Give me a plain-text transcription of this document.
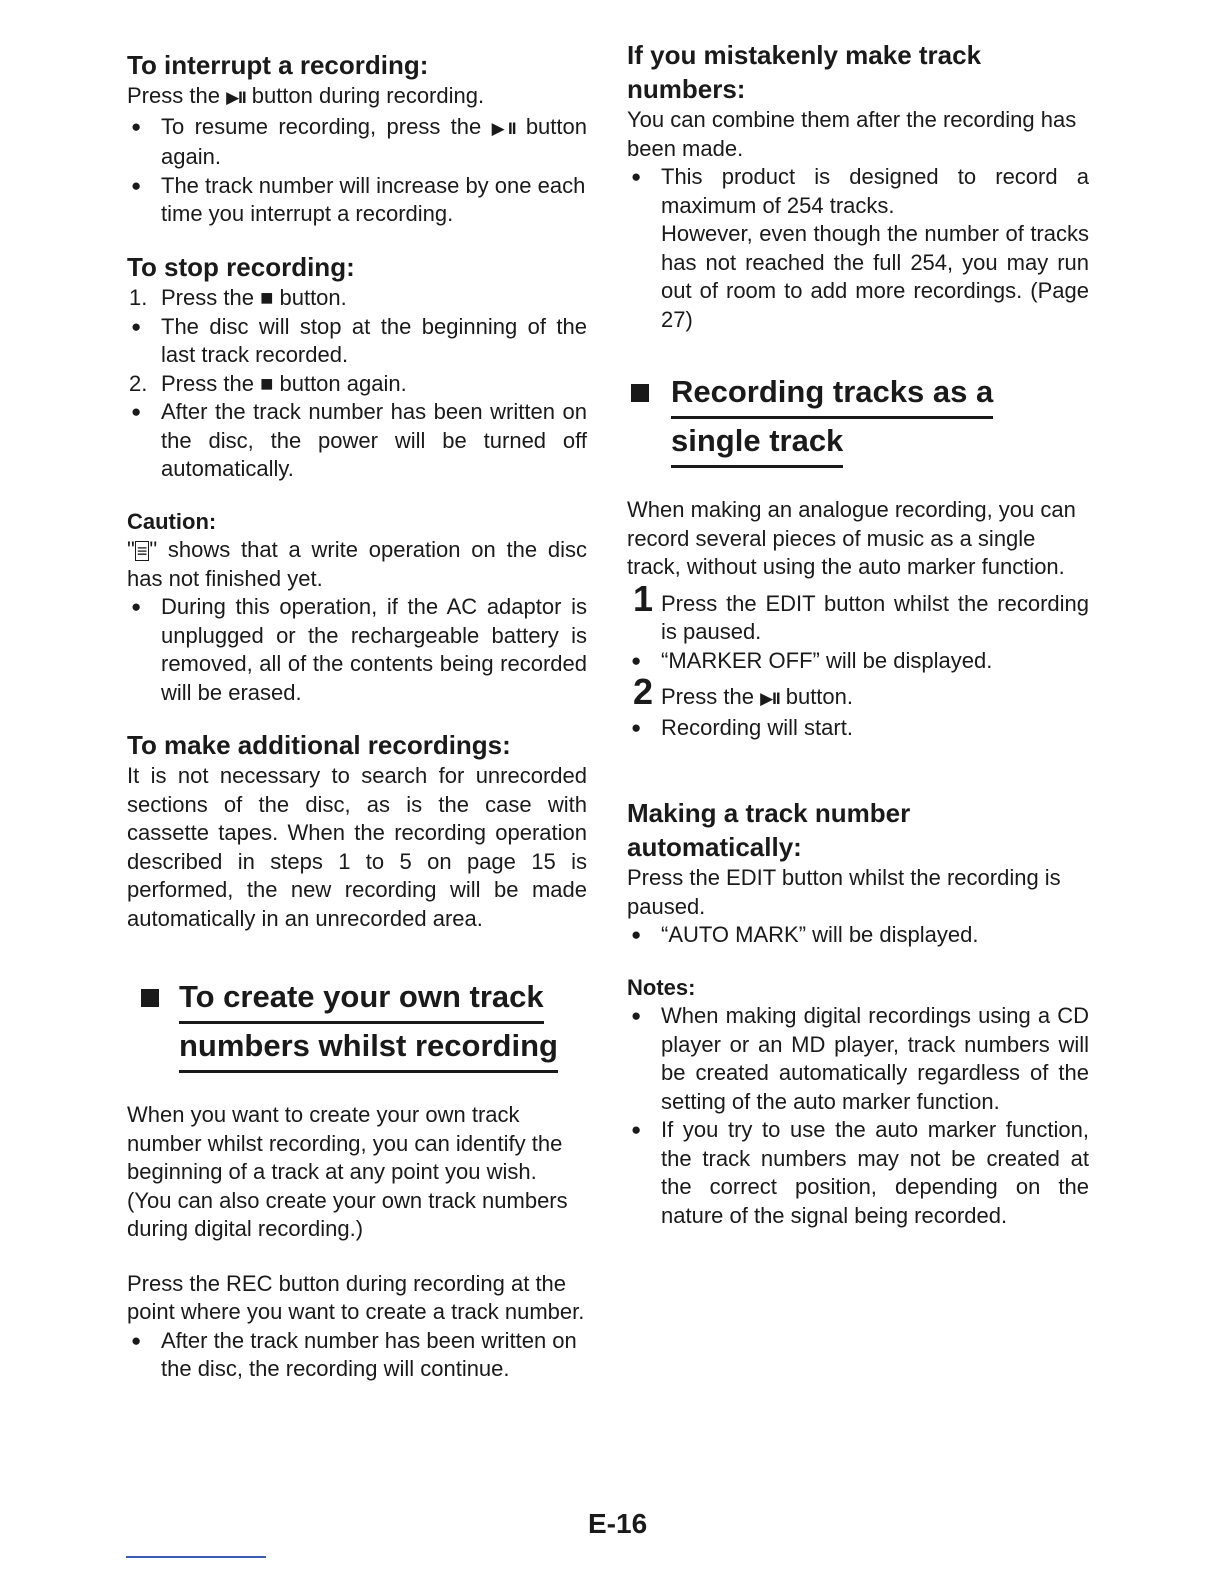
To interrupt a recording:

Press the ▶II button during recording.

● To resume recording, press the ▶II button again.

● The track number will increase by one each time you interrupt a recording.

To stop recording:

1. Press the ■ button.

● The disc will stop at the beginning of the last track recorded.

2. Press the ■ button again.

● After the track number has been written on the disc, the power will be turned off automatically.

Caution:

" ≡" shows that a write operation on the disc has not finished yet.

● During this operation, if the AC adaptor is unplugged or the rechargeable battery is removed, all of the contents being recorded will be erased.

To make additional recordings:

It is not necessary to search for unrecorded sections of the disc, as is the case with cassette tapes. When the recording operation described in steps 1 to 5 on page 15 is performed, the new recording will be made automatically in an unrecorded area.

To create your own track
numbers whilst recording

When you want to create your own track number whilst recording, you can identify the beginning of a track at any point you wish. (You can also create your own track numbers during digital recording.)

Press the REC button during recording at the point where you want to create a track number.

● After the track number has been written on the disc, the recording will continue.

If you mistakenly make track numbers:

You can combine them after the recording has been made.

● This product is designed to record a maximum of 254 tracks.

However, even though the number of tracks has not reached the full 254, you may run out of room to add more recordings. (Page 27)

Recording tracks as a
single track

When making an analogue recording, you can record several pieces of music as a single track, without using the auto marker function.

1 Press the EDIT button whilst the recording is paused.

● “MARKER OFF” will be displayed.

2 Press the ▶II button.

● Recording will start.

Making a track number automatically:

Press the EDIT button whilst the recording is paused.

● “AUTO MARK” will be displayed.

Notes:

● When making digital recordings using a CD player or an MD player, track numbers will be created automatically regardless of the setting of the auto marker function.

● If you try to use the auto marker function, the track numbers may not be created at the correct position, depending on the nature of the signal being recorded.

E-16
